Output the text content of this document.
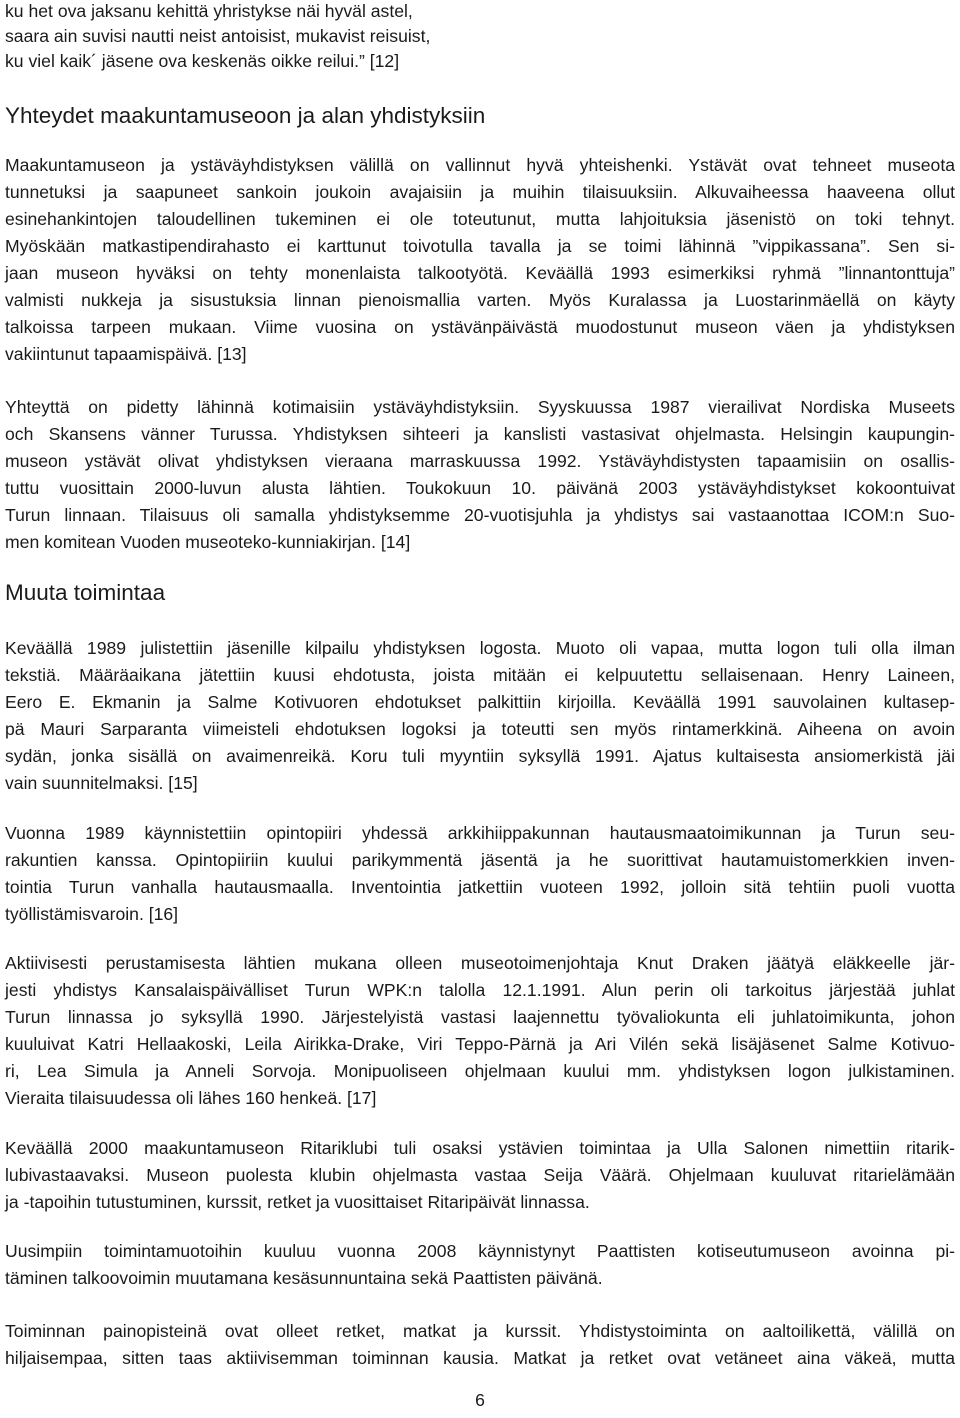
ku het ova jaksanu kehittä yhristykse näi hyväl astel,

saara ain suvisi nautti neist antoisist, mukavist reisuist,

ku viel kaik´ jäsene ova keskenäs oikke reilui.” [12]

Yhteydet maakuntamuseoon ja alan yhdistyksiin

Maakuntamuseon ja ystäväyhdistyksen välillä on vallinnut hyvä yhteishenki. Ystävät ovat tehneet museota

tunnetuksi ja saapuneet sankoin joukoin avajaisiin ja muihin tilaisuuksiin. Alkuvaiheessa haaveena ollut

esinehankintojen taloudellinen tukeminen ei ole toteutunut, mutta lahjoituksia jäsenistö on toki tehnyt.

Myöskään matkastipendirahasto ei karttunut toivotulla tavalla ja se toimi lähinnä ”vippikassana”. Sen si-

jaan museon hyväksi on tehty monenlaista talkootyötä. Keväällä 1993 esimerkiksi ryhmä ”linnantonttuja”

valmisti nukkeja ja sisustuksia linnan pienoismallia varten. Myös Kuralassa ja Luostarinmäellä on käyty

talkoissa tarpeen mukaan. Viime vuosina on ystävänpäivästä muodostunut museon väen ja yhdistyksen

vakiintunut tapaamispäivä. [13]

Yhteyttä on pidetty lähinnä kotimaisiin ystäväyhdistyksiin. Syyskuussa 1987 vierailivat Nordiska Museets

och Skansens vänner Turussa. Yhdistyksen sihteeri ja kanslisti vastasivat ohjelmasta. Helsingin kaupungin-

museon ystävät olivat yhdistyksen vieraana marraskuussa 1992. Ystäväyhdistysten tapaamisiin on osallis-

tuttu vuosittain 2000-luvun alusta lähtien. Toukokuun 10. päivänä 2003 ystäväyhdistykset kokoontuivat

Turun linnaan. Tilaisuus oli samalla yhdistyksemme 20-vuotisjuhla ja yhdistys sai vastaanottaa ICOM:n Suo-

men komitean Vuoden museoteko-kunniakirjan. [14]

Muuta toimintaa

Keväällä 1989 julistettiin jäsenille kilpailu yhdistyksen logosta. Muoto oli vapaa, mutta logon tuli olla ilman

tekstiä. Määräaikana jätettiin kuusi ehdotusta, joista mitään ei kelpuutettu sellaisenaan. Henry Laineen,

Eero E. Ekmanin ja Salme Kotivuoren ehdotukset palkittiin kirjoilla. Keväällä 1991 sauvolainen kultasep-

pä Mauri Sarparanta viimeisteli ehdotuksen logoksi ja toteutti sen myös rintamerkkinä. Aiheena on avoin

sydän, jonka sisällä on avaimenreikä. Koru tuli myyntiin syksyllä 1991. Ajatus kultaisesta ansiomerkistä jäi

vain suunnitelmaksi. [15]

Vuonna 1989 käynnistettiin opintopiiri yhdessä arkkihiippakunnan hautausmaatoimikunnan ja Turun seu-

rakuntien kanssa. Opintopiiriin kuului parikymmentä jäsentä ja he suorittivat hautamuistomerkkien inven-

tointia Turun vanhalla hautausmaalla. Inventointia jatkettiin vuoteen 1992, jolloin sitä tehtiin puoli vuotta

työllistämisvaroin. [16]

Aktiivisesti perustamisesta lähtien mukana olleen museotoimenjohtaja Knut Draken jäätyä eläkkeelle jär-

jesti yhdistys Kansalaispäivälliset Turun WPK:n talolla 12.1.1991. Alun perin oli tarkoitus järjestää juhlat

Turun linnassa jo syksyllä 1990. Järjestelyistä vastasi laajennettu työvaliokunta eli juhlatoimikunta, johon

kuuluivat Katri Hellaakoski, Leila Airikka-Drake, Viri Teppo-Pärnä ja Ari Vilén sekä lisäjäsenet Salme Kotivuo-

ri, Lea Simula ja Anneli Sorvoja. Monipuoliseen ohjelmaan kuului mm. yhdistyksen logon julkistaminen.

Vieraita tilaisuudessa oli lähes 160 henkeä. [17]

Keväällä 2000 maakuntamuseon Ritariklubi tuli osaksi ystävien toimintaa ja Ulla Salonen nimettiin ritarik-

lubivastaavaksi. Museon puolesta klubin ohjelmasta vastaa Seija Väärä. Ohjelmaan kuuluvat ritarielämään

ja -tapoihin tutustuminen, kurssit, retket ja vuosittaiset Ritaripäivät linnassa.

Uusimpiin toimintamuotoihin kuuluu vuonna 2008 käynnistynyt Paattisten kotiseutumuseon avoinna pi-

täminen talkoovoimin muutamana kesäsunnuntaina sekä Paattisten päivänä.

Toiminnan painopisteinä ovat olleet retket, matkat ja kurssit. Yhdistystoiminta on aaltoilikettä, välillä on

hiljaisempaa, sitten taas aktiivisemman toiminnan kausia. Matkat ja retket ovat vetäneet aina väkeä, mutta

6
